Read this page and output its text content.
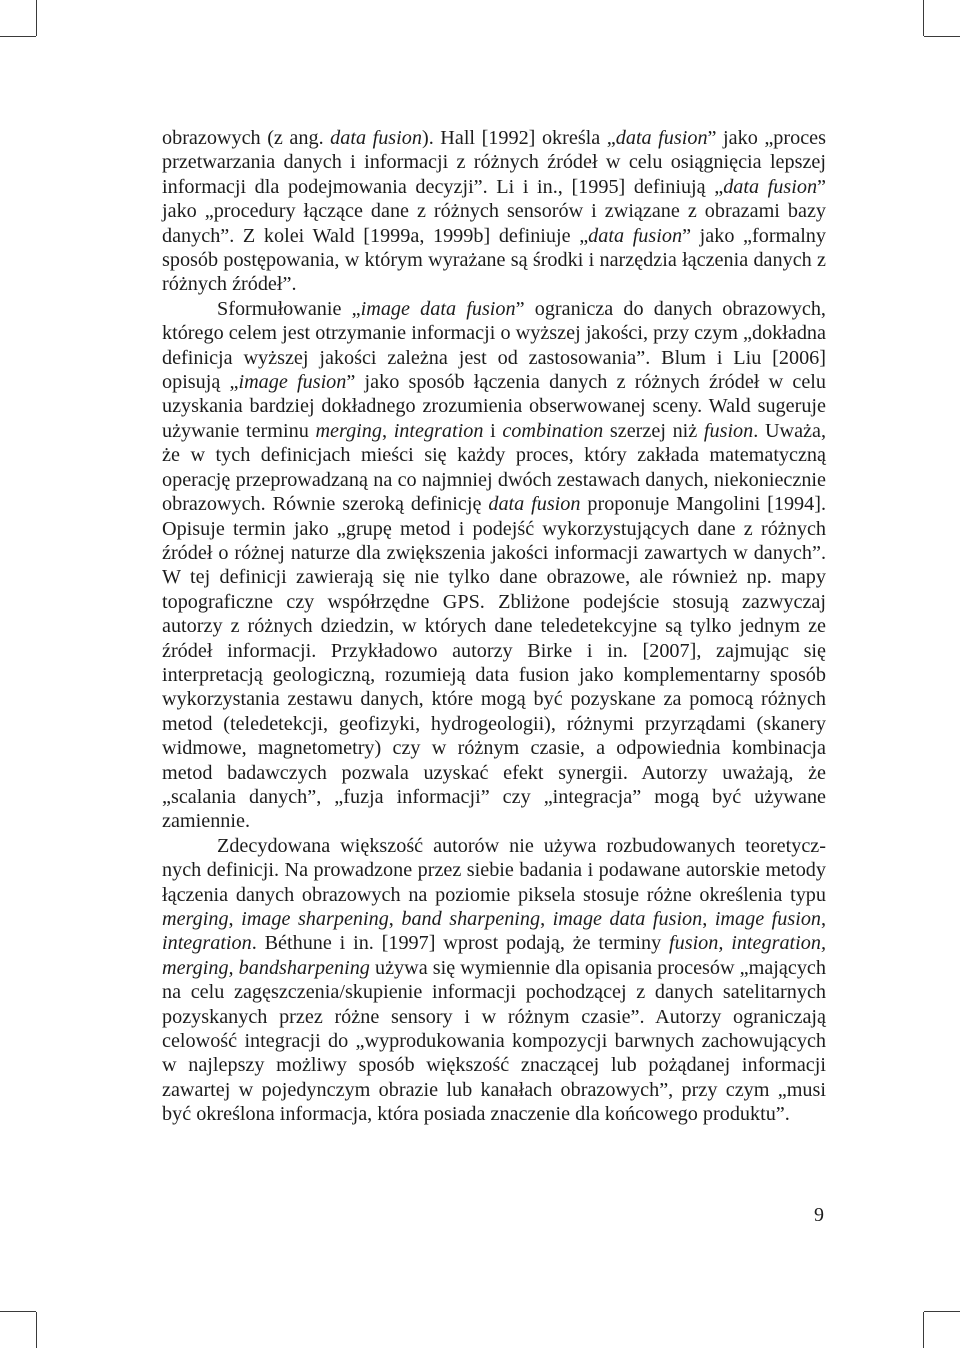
obrazowych (z ang. data fusion). Hall [1992] określa „data fusion” jako „proces przetwarzania danych i informacji z różnych źródeł w celu osiągnięcia lepszej informacji dla podejmowania decyzji”. Li i in., [1995] definiują „data fusion” jako „procedury łączące dane z różnych sensorów i związane z obrazami bazy danych”. Z kolei Wald [1999a, 1999b] definiuje „data fusion” jako „formalny sposób postępowania, w którym wyrażane są środki i narzędzia łączenia danych z różnych źródeł”.

Sformułowanie „image data fusion” ogranicza do danych obrazowych, którego celem jest otrzymanie informacji o wyższej jakości, przy czym „dokładna definicja wyższej jakości zależna jest od zastosowania”. Blum i Liu [2006] opisują „image fusion” jako sposób łączenia danych z różnych źródeł w celu uzyskania bardziej dokładnego zrozumienia obserwowanej sceny. Wald sugeruje używanie terminu merging, integration i combination szerzej niż fusion. Uważa, że w tych definicjach mieści się każdy proces, który zakłada matematyczną operację przeprowadzaną na co najmniej dwóch zestawach danych, niekoniecznie obrazowych. Równie szeroką definicję data fusion proponuje Mangolini [1994]. Opisuje termin jako „grupę metod i podejść wykorzystujących dane z różnych źródeł o różnej naturze dla zwiększenia jakości informacji zawartych w danych”. W tej definicji zawierają się nie tylko dane obrazowe, ale również np. mapy topograficzne czy współrzędne GPS. Zbliżone podejście stosują zazwyczaj autorzy z różnych dziedzin, w których dane teledetekcyjne są tylko jednym ze źródeł informacji. Przykładowo autorzy Birke i in. [2007], zajmując się interpretacją geologiczną, rozumieją data fusion jako komplementarny sposób wykorzystania zestawu danych, które mogą być pozyskane za pomocą różnych metod (teledetekcji, geofizyki, hydrogeologii), różnymi przyrządami (skanery widmowe, magnetometry) czy w różnym czasie, a odpowiednia kombinacja metod badawczych pozwala uzyskać efekt synergii. Autorzy uważają, że „scalania danych”, „fuzja informacji” czy „integracja” mogą być używane zamiennie.

Zdecydowana większość autorów nie używa rozbudowanych teoretycznych definicji. Na prowadzone przez siebie badania i podawane autorskie metody łączenia danych obrazowych na poziomie piksela stosuje różne określenia typu merging, image sharpening, band sharpening, image data fusion, image fusion, integration. Béthune i in. [1997] wprost podają, że terminy fusion, integration, merging, bandsharpening używa się wymiennie dla opisania procesów „mających na celu zagęszczenia/skupienie informacji pochodzącej z danych satelitarnych pozyskanych przez różne sensory i w różnym czasie”. Autorzy ograniczają celowość integracji do „wyprodukowania kompozycji barwnych zachowujących w najlepszy możliwy sposób większość znaczącej lub pożądanej informacji zawartej w pojedynczym obrazie lub kanałach obrazowych”, przy czym „musi być określona informacja, która posiada znaczenie dla końcowego produktu”.

9
